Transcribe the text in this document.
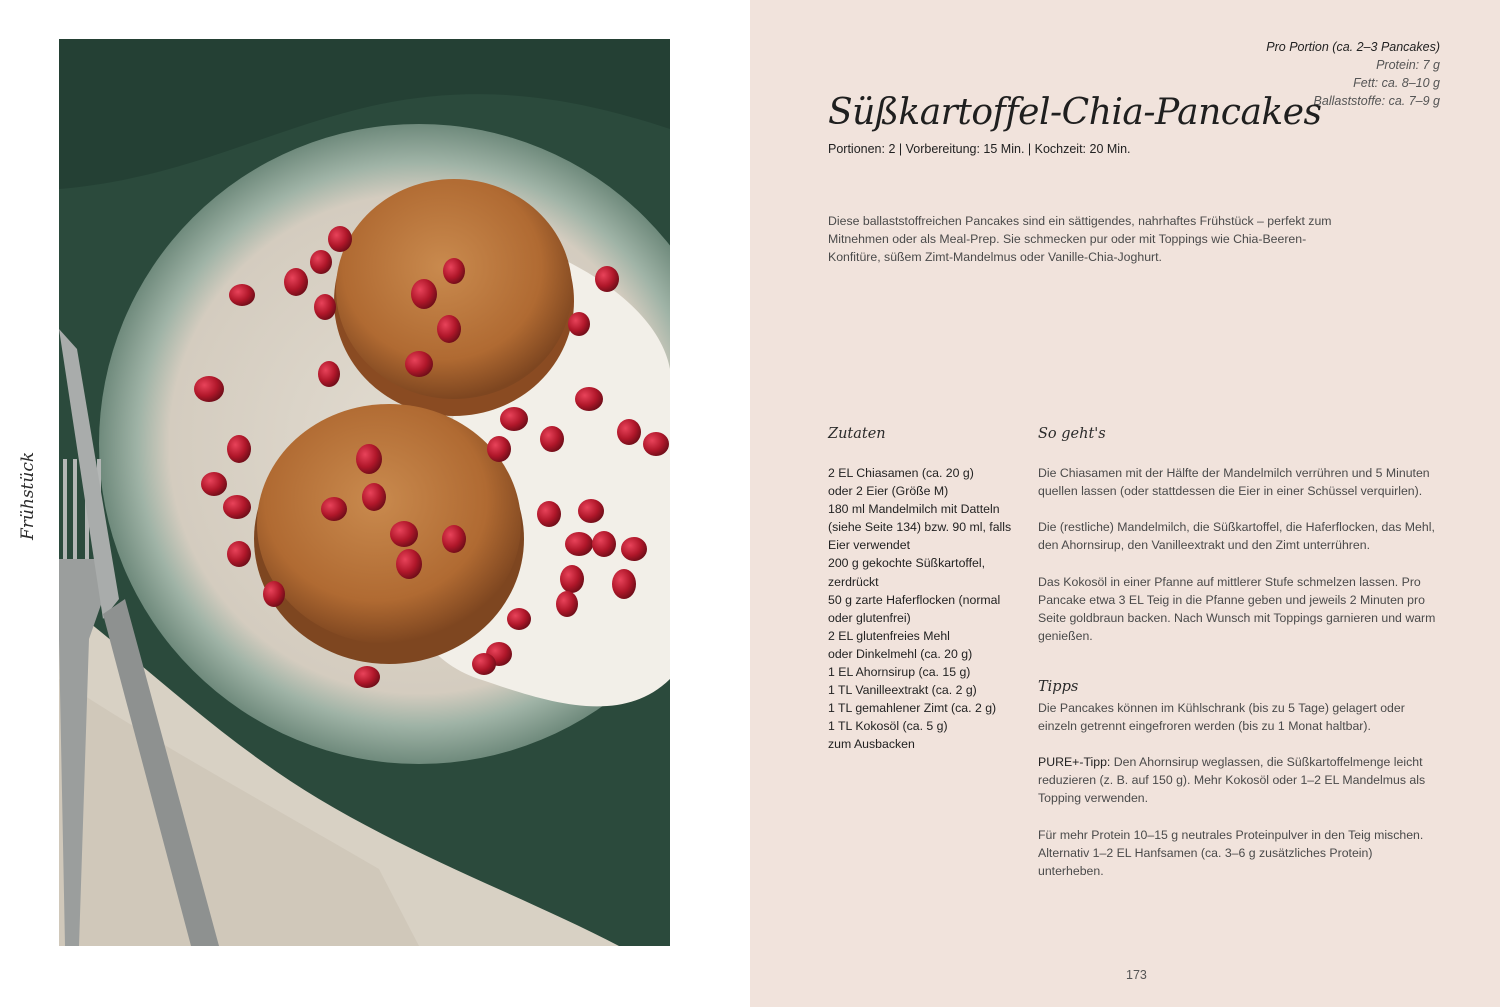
Frühstück
Pro Portion (ca. 2–3 Pancakes)
Protein: 7 g
Fett: ca. 8–10 g
Ballaststoffe: ca. 7–9 g
Süßkartoffel-Chia-Pancakes
Portionen: 2 | Vorbereitung: 15 Min. | Kochzeit: 20 Min.
Diese ballaststoffreichen Pancakes sind ein sättigendes, nahrhaftes Frühstück – perfekt zum Mitnehmen oder als Meal-Prep. Sie schmecken pur oder mit Toppings wie Chia-Beeren-Konfitüre, süßem Zimt-Mandelmus oder Vanille-Chia-Joghurt.
Zutaten	So geht's
2 EL Chiasamen (ca. 20 g)
oder 2 Eier (Größe M)
180 ml Mandelmilch mit Datteln
(siehe Seite 134) bzw. 90 ml, falls
Eier verwendet
200 g gekochte Süßkartoffel,
zerdrückt
50 g zarte Haferflocken (normal
oder glutenfrei)
2 EL glutenfreies Mehl
oder Dinkelmehl (ca. 20 g)
1 EL Ahornsirup (ca. 15 g)
1 TL Vanilleextrakt (ca. 2 g)
1 TL gemahlener Zimt (ca. 2 g)
1 TL Kokosöl (ca. 5 g)
zum Ausbacken

Die Chiasamen mit der Hälfte der Mandelmilch verrühren und 5 Minuten quellen lassen (oder stattdessen die Eier in einer Schüssel verquirlen).

Die (restliche) Mandelmilch, die Süßkartoffel, die Haferflocken, das Mehl, den Ahornsirup, den Vanilleextrakt und den Zimt unterrühren.

Das Kokosöl in einer Pfanne auf mittlerer Stufe schmelzen lassen. Pro Pancake etwa 3 EL Teig in die Pfanne geben und jeweils 2 Minuten pro Seite goldbraun backen. Nach Wunsch mit Toppings garnieren und warm genießen.

Tipps

Die Pancakes können im Kühlschrank (bis zu 5 Tage) gelagert oder einzeln getrennt eingefroren werden (bis zu 1 Monat haltbar).

PURE+-Tipp: Den Ahornsirup weglassen, die Süßkartoffelmenge leicht reduzieren (z. B. auf 150 g). Mehr Kokosöl oder 1–2 EL Mandelmus als Topping verwenden.

Für mehr Protein 10–15 g neutrales Proteinpulver in den Teig mischen. Alternativ 1–2 EL Hanfsamen (ca. 3–6 g zusätzliches Protein) unterheben.

173
